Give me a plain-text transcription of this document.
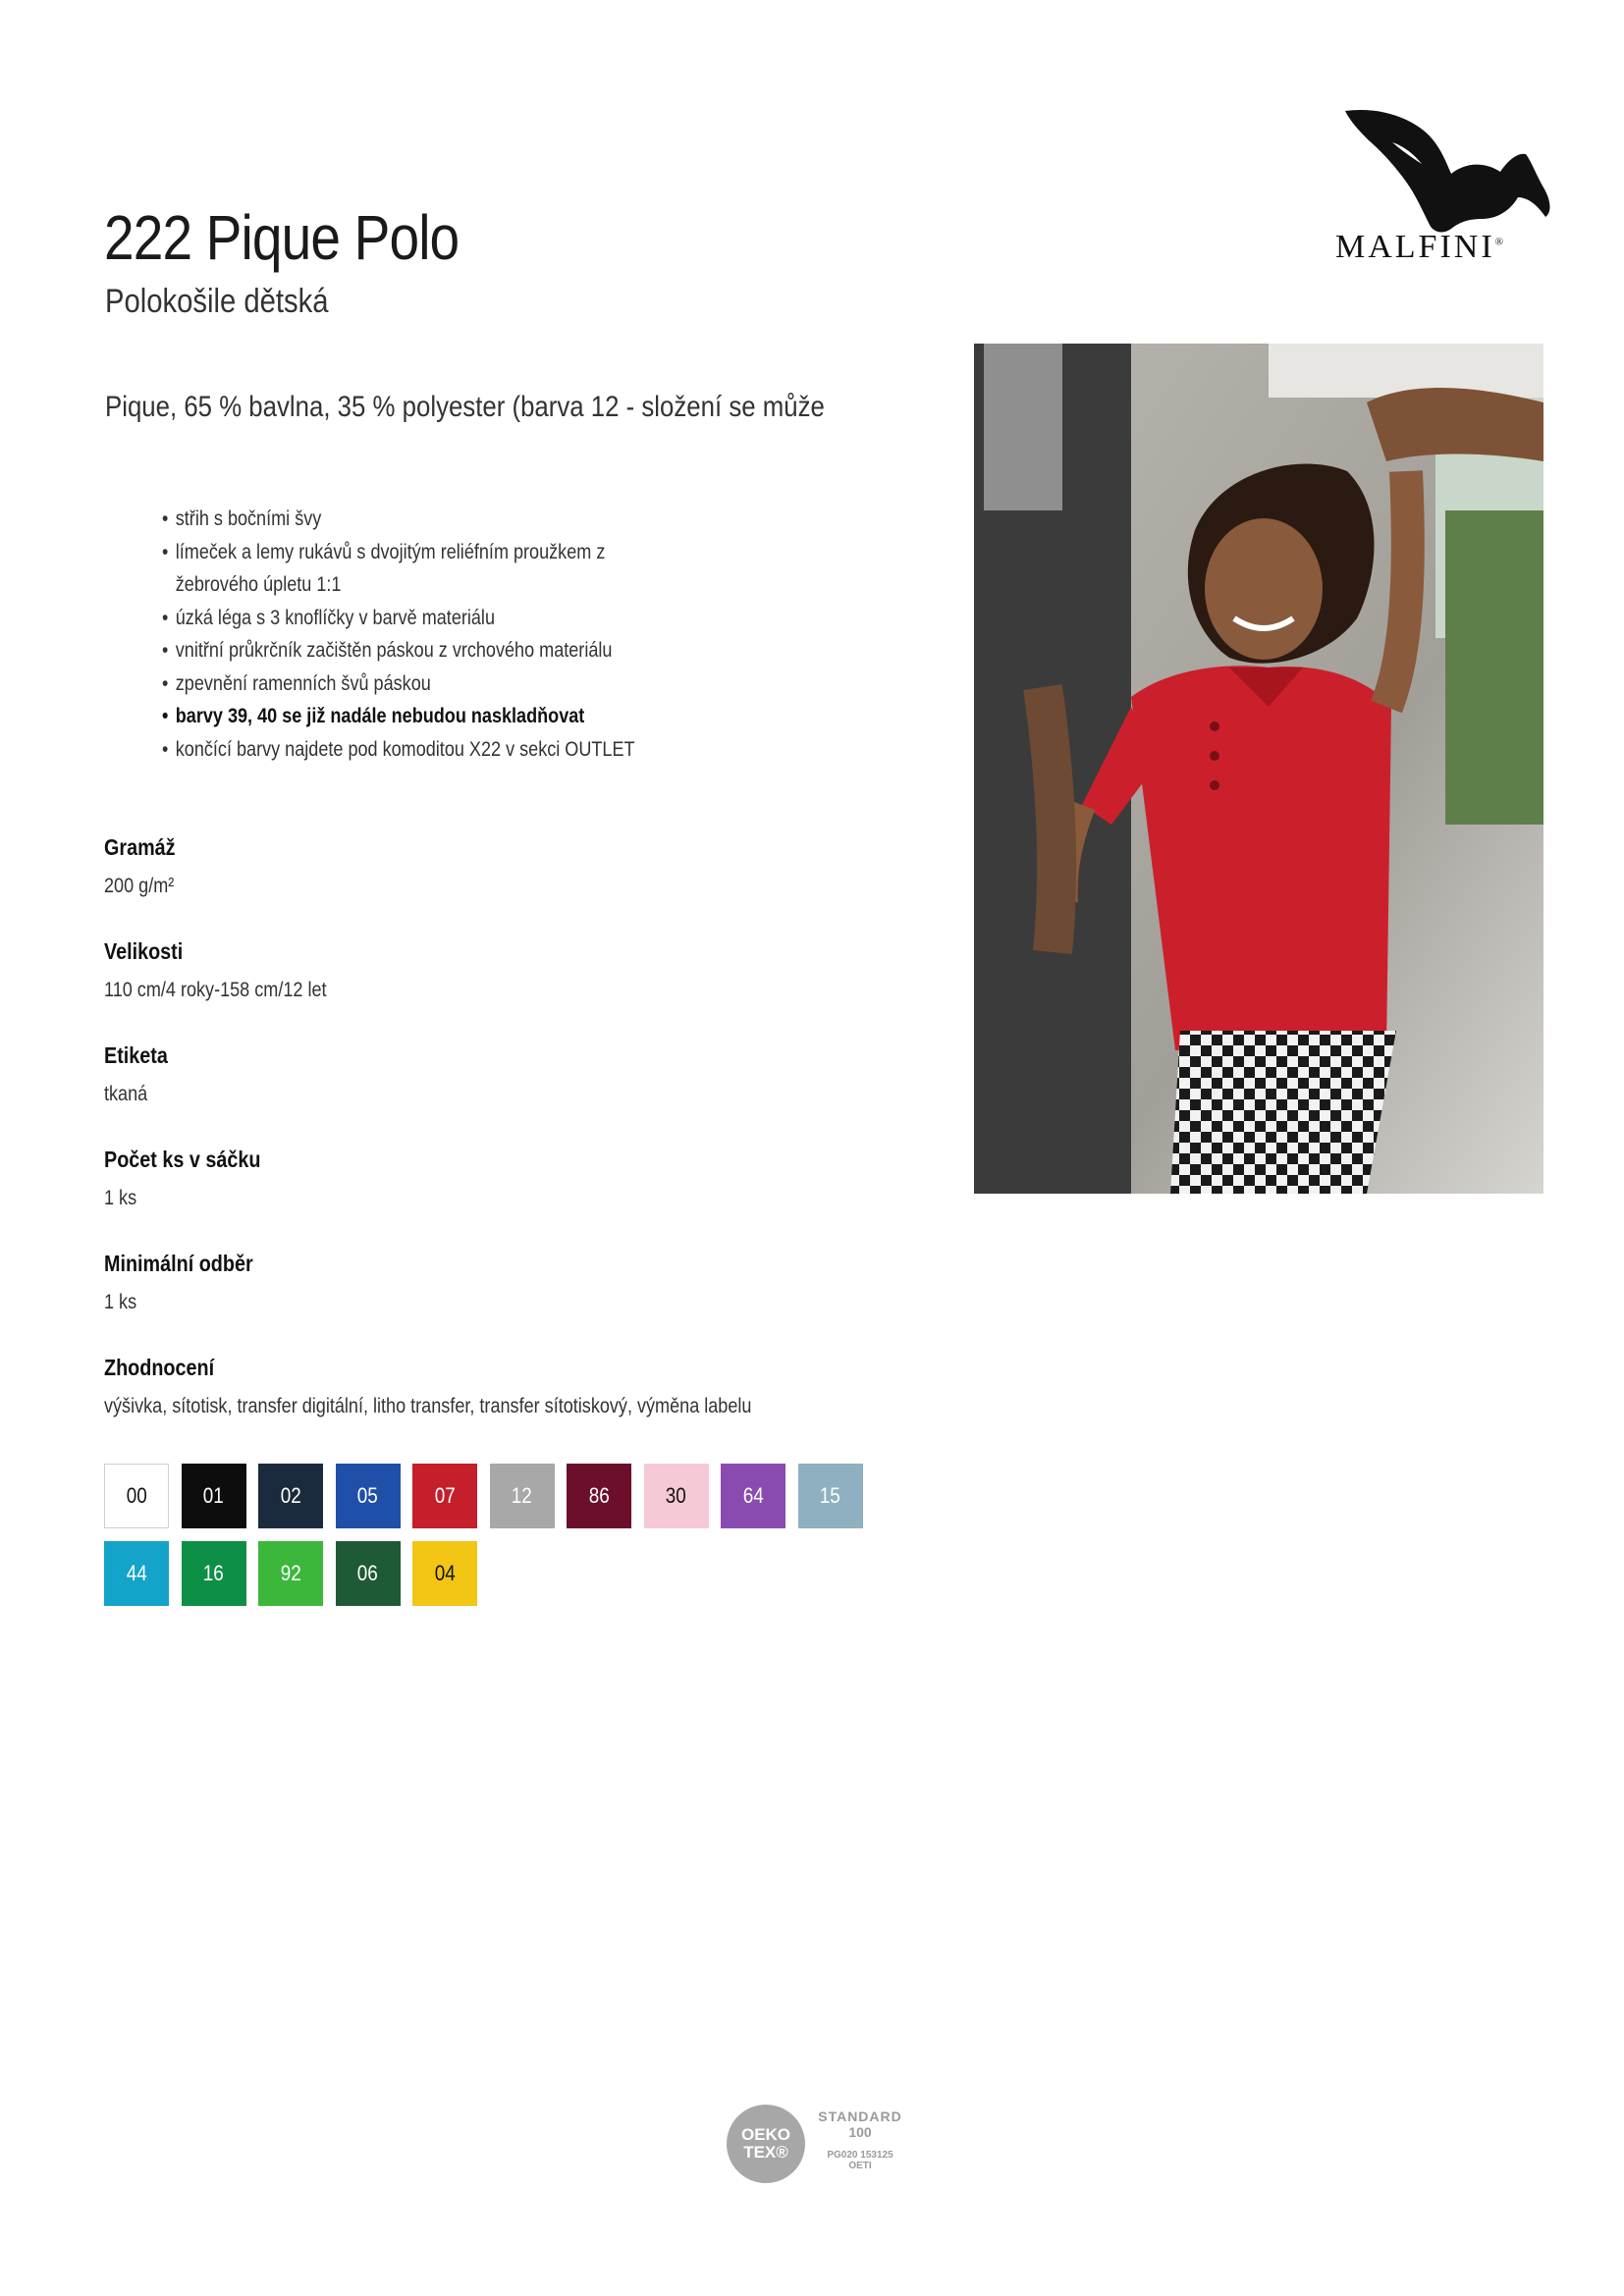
222 Pique Polo
Polokošile dětská
Pique, 65 % bavlna, 35 % polyester (barva 12 - složení se může
MALFINI®
• střih s bočními švy
• límeček a lemy rukávů s dvojitým reliéfním proužkem z
žebrového úpletu 1:1
• úzká léga s 3 knoflíčky v barvě materiálu
• vnitřní průkrčník začištěn páskou z vrchového materiálu
• zpevnění ramenních švů páskou
• barvy 39, 40 se již nadále nebudou naskladňovat
• končící barvy najdete pod komoditou X22 v sekci OUTLET
Gramáž
200 g/m²
Velikosti
110 cm/4 roky-158 cm/12 let
Etiketa
tkaná
Počet ks v sáčku
1 ks
Minimální odběr
1 ks
Zhodnocení
výšivka, sítotisk, transfer digitální, litho transfer, transfer sítotiskový, výměna labelu
00	01	02	05	07	12	86	30	64	15
44	16	92	06	04
OEKO
TEX®
STANDARD
100
PG020 153125
OETI
